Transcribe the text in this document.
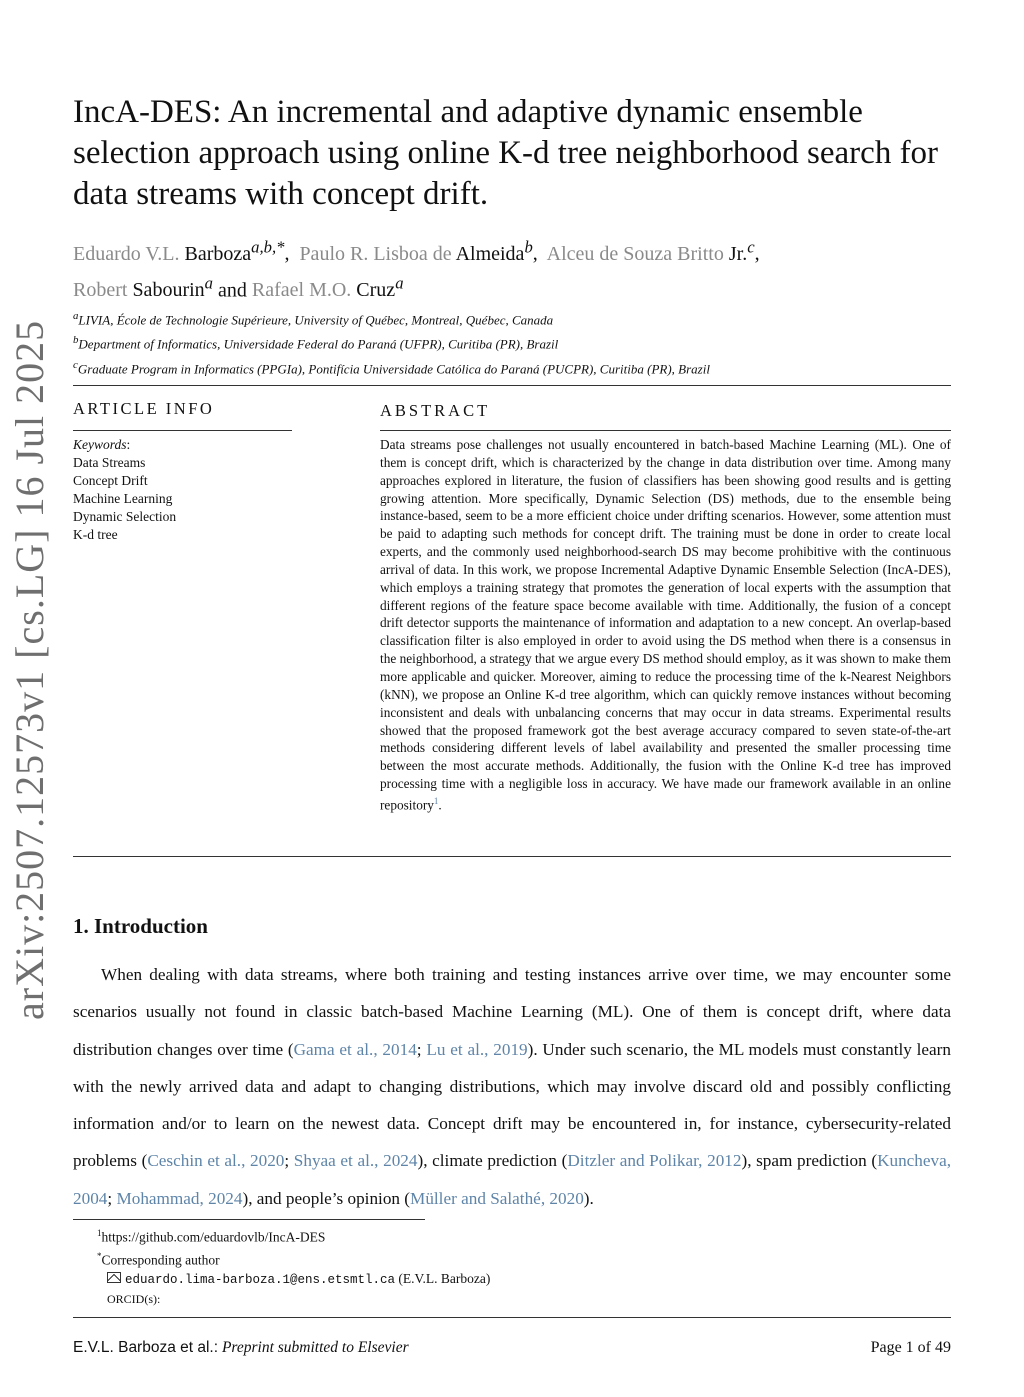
arXiv:2507.12573v1 [cs.LG] 16 Jul 2025
IncA-DES: An incremental and adaptive dynamic ensemble selection approach using online K-d tree neighborhood search for data streams with concept drift.
Eduardo V.L. Barboza$^{a,b,*}$,  Paulo R. Lisboa de Almeida$^b$,  Alceu de Souza Britto Jr.$^c$,
Robert Sabourin$^a$ and Rafael M.O. Cruz$^a$
$^a$LIVIA, École de Technologie Supérieure, University of Québec, Montreal, Québec, Canada
$^b$Department of Informatics, Universidade Federal do Paraná (UFPR), Curitiba (PR), Brazil
$^c$Graduate Program in Informatics (PPGIa), Pontifícia Universidade Católica do Paraná (PUCPR), Curitiba (PR), Brazil
ARTICLE INFO	ABSTRACT
Keywords:
Data Streams
Concept Drift
Machine Learning
Dynamic Selection
K-d tree
Data streams pose challenges not usually encountered in batch-based Machine Learning (ML). One of them is concept drift, which is characterized by the change in data distribution over time. Among many approaches explored in literature, the fusion of classifiers has been showing good results and is getting growing attention. More specifically, Dynamic Selection (DS) methods, due to the ensemble being instance-based, seem to be a more efficient choice under drifting scenarios. However, some attention must be paid to adapting such methods for concept drift. The training must be done in order to create local experts, and the commonly used neighborhood-search DS may become prohibitive with the continuous arrival of data. In this work, we propose Incremental Adaptive Dynamic Ensemble Selection (IncA-DES), which employs a training strategy that promotes the generation of local experts with the assumption that different regions of the feature space become available with time. Additionally, the fusion of a concept drift detector supports the maintenance of information and adaptation to a new concept. An overlap-based classification filter is also employed in order to avoid using the DS method when there is a consensus in the neighborhood, a strategy that we argue every DS method should employ, as it was shown to make them more applicable and quicker. Moreover, aiming to reduce the processing time of the k-Nearest Neighbors (kNN), we propose an Online K-d tree algorithm, which can quickly remove instances without becoming inconsistent and deals with unbalancing concerns that may occur in data streams. Experimental results showed that the proposed framework got the best average accuracy compared to seven state-of-the-art methods considering different levels of label availability and presented the smaller processing time between the most accurate methods. Additionally, the fusion with the Online K-d tree has improved processing time with a negligible loss in accuracy. We have made our framework available in an online repository$^1$.
1. Introduction
When dealing with data streams, where both training and testing instances arrive over time, we may encounter some scenarios usually not found in classic batch-based Machine Learning (ML). One of them is concept drift, where data distribution changes over time (Gama et al., 2014; Lu et al., 2019). Under such scenario, the ML models must constantly learn with the newly arrived data and adapt to changing distributions, which may involve discard old and possibly conflicting information and/or to learn on the newest data. Concept drift may be encountered in, for instance, cybersecurity-related problems (Ceschin et al., 2020; Shyaa et al., 2024), climate prediction (Ditzler and Polikar, 2012), spam prediction (Kuncheva, 2004; Mohammad, 2024), and people’s opinion (Müller and Salathé, 2020).
$^1$https://github.com/eduardovlb/IncA-DES
*Corresponding author
eduardo.lima-barboza.1@ens.etsmtl.ca (E.V.L. Barboza)
ORCID(s):
E.V.L. Barboza et al.: Preprint submitted to Elsevier	Page 1 of 49
